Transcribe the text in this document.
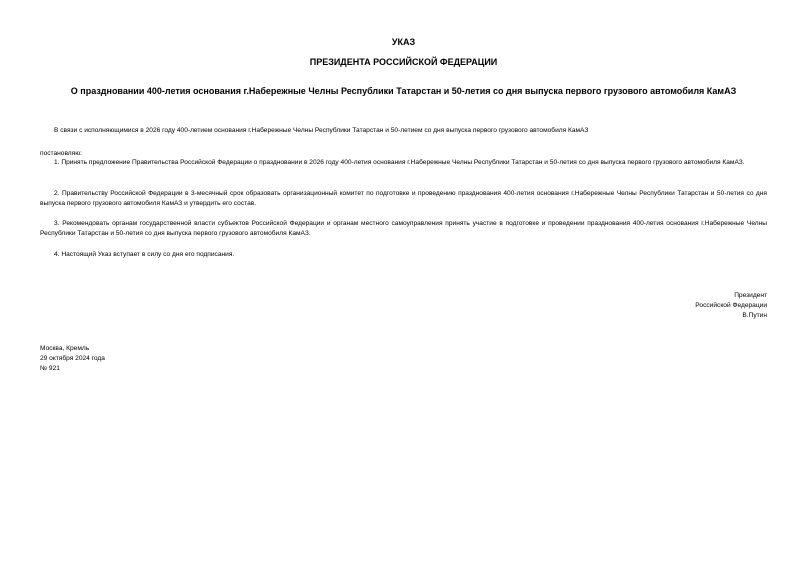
УКАЗ
ПРЕЗИДЕНТА РОССИЙСКОЙ ФЕДЕРАЦИИ
О праздновании 400-летия основания г.Набережные Челны Республики Татарстан и 50-летия со дня выпуска первого грузового автомобиля КамАЗ
В связи с исполняющимися в 2026 году 400-летием основания г.Набережные Челны Республики Татарстан и 50-летием со дня выпуска первого грузового автомобиля КамАЗ
постановляю:
1. Принять предложение Правительства Российской Федерации о праздновании в 2026 году 400-летия основания г.Набережные Челны Республики Татарстан и 50-летия со дня выпуска первого грузового автомобиля КамАЗ.
2. Правительству Российской Федерации в 3-месячный срок образовать организационный комитет по подготовке и проведению празднования 400-летия основания г.Набережные Челны Республики Татарстан и 50-летия со дня выпуска первого грузового автомобиля КамАЗ и утвердить его состав.
3. Рекомендовать органам государственной власти субъектов Российской Федерации и органам местного самоуправления принять участие в подготовке и проведении празднования 400-летия основания г.Набережные Челны Республики Татарстан и 50-летия со дня выпуска первого грузового автомобиля КамАЗ.
4. Настоящий Указ вступает в силу со дня его подписания.
Президент
Российской Федерации
В.Путин
Москва, Кремль
29 октября 2024 года
№ 921
